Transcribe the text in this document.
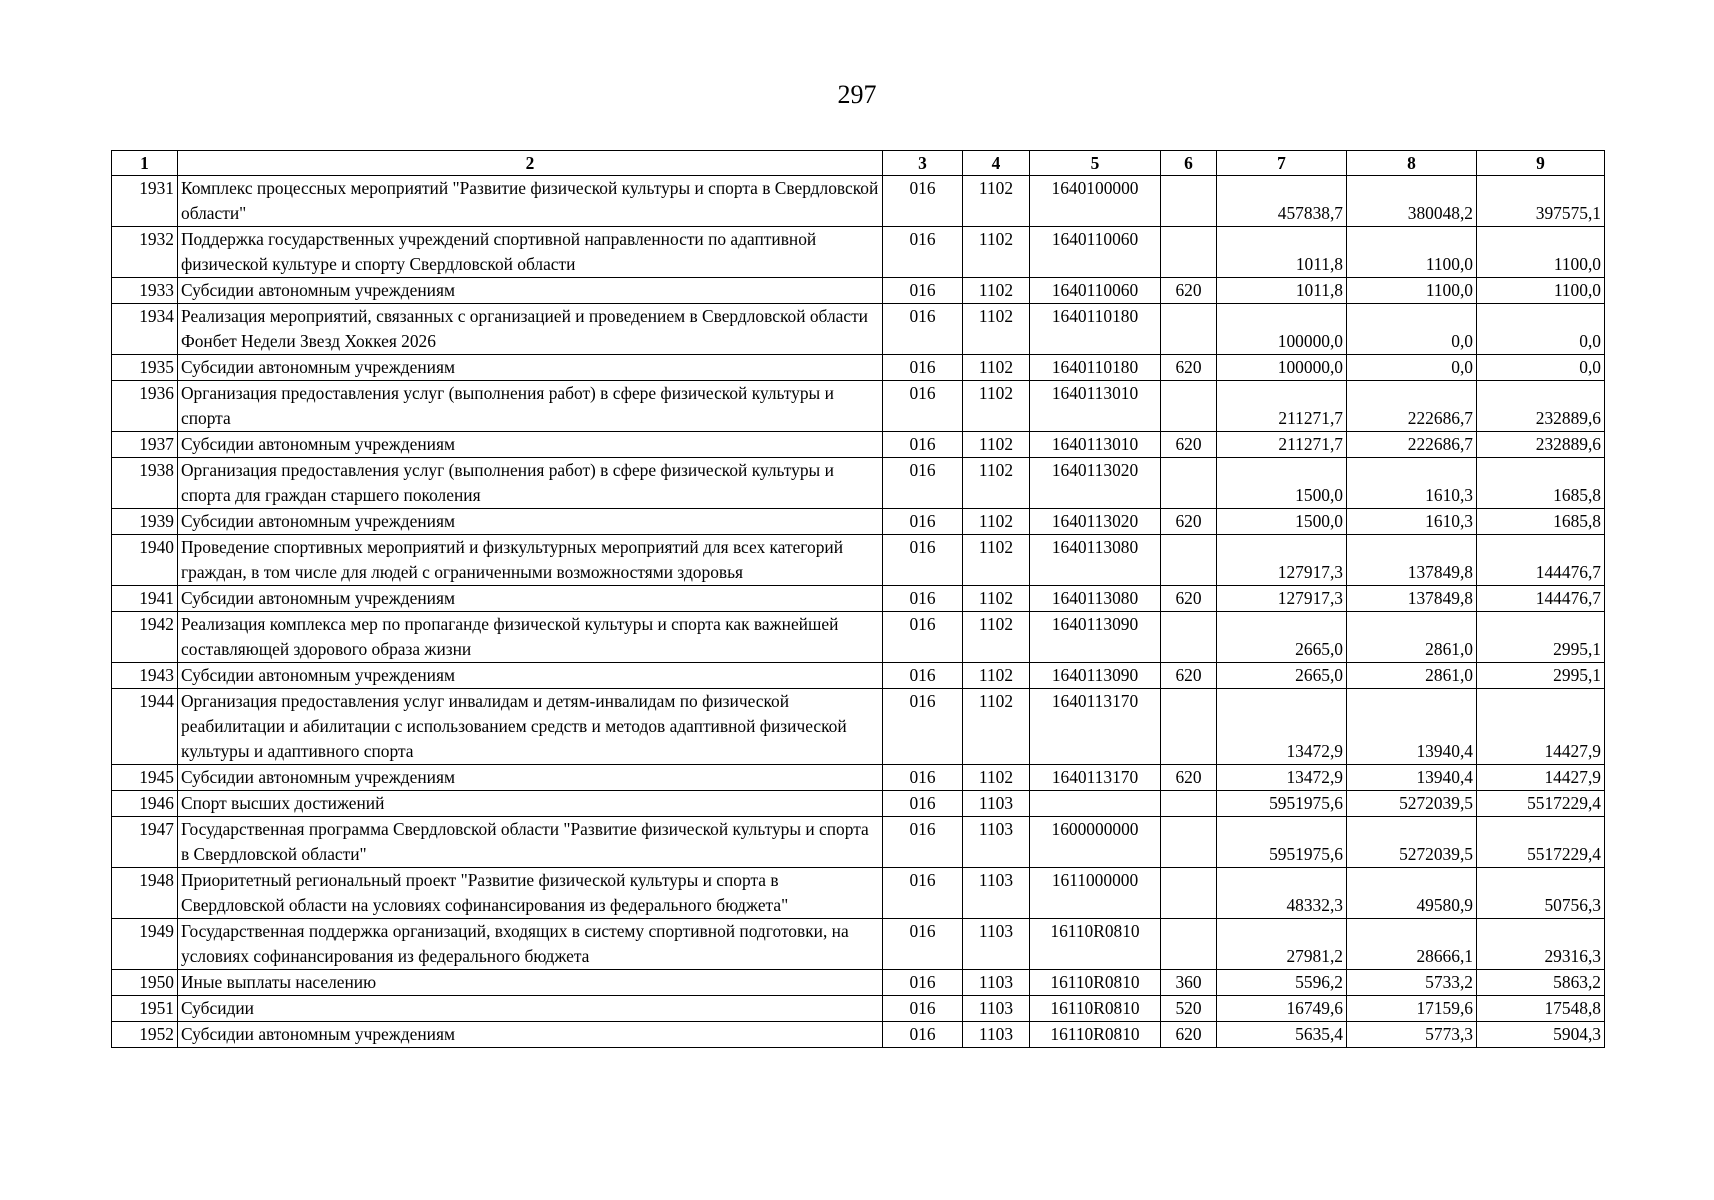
297
1	2	3	4	5	6	7	8	9
1931	Комплекс процессных мероприятий "Развитие физической культуры и спорта в Свердловской области"	016	1102	1640100000		457838,7	380048,2	397575,1
1932	Поддержка государственных учреждений спортивной направленности по адаптивной физической культуре и спорту Свердловской области	016	1102	1640110060		1011,8	1100,0	1100,0
1933	Субсидии автономным учреждениям	016	1102	1640110060	620	1011,8	1100,0	1100,0
1934	Реализация мероприятий, связанных с организацией и проведением в Свердловской области Фонбет Недели Звезд Хоккея 2026	016	1102	1640110180		100000,0	0,0	0,0
1935	Субсидии автономным учреждениям	016	1102	1640110180	620	100000,0	0,0	0,0
1936	Организация предоставления услуг (выполнения работ) в сфере физической культуры и спорта	016	1102	1640113010		211271,7	222686,7	232889,6
1937	Субсидии автономным учреждениям	016	1102	1640113010	620	211271,7	222686,7	232889,6
1938	Организация предоставления услуг (выполнения работ) в сфере физической культуры и спорта для граждан старшего поколения	016	1102	1640113020		1500,0	1610,3	1685,8
1939	Субсидии автономным учреждениям	016	1102	1640113020	620	1500,0	1610,3	1685,8
1940	Проведение спортивных мероприятий и физкультурных мероприятий для всех категорий граждан, в том числе для людей с ограниченными возможностями здоровья	016	1102	1640113080		127917,3	137849,8	144476,7
1941	Субсидии автономным учреждениям	016	1102	1640113080	620	127917,3	137849,8	144476,7
1942	Реализация комплекса мер по пропаганде физической культуры и спорта как важнейшей составляющей здорового образа жизни	016	1102	1640113090		2665,0	2861,0	2995,1
1943	Субсидии автономным учреждениям	016	1102	1640113090	620	2665,0	2861,0	2995,1
1944	Организация предоставления услуг инвалидам и детям-инвалидам по физической реабилитации и абилитации с использованием средств и методов адаптивной физической культуры и адаптивного спорта	016	1102	1640113170		13472,9	13940,4	14427,9
1945	Субсидии автономным учреждениям	016	1102	1640113170	620	13472,9	13940,4	14427,9
1946	Спорт высших достижений	016	1103			5951975,6	5272039,5	5517229,4
1947	Государственная программа Свердловской области "Развитие физической культуры и спорта в Свердловской области"	016	1103	1600000000		5951975,6	5272039,5	5517229,4
1948	Приоритетный региональный проект "Развитие физической культуры и спорта в Свердловской области на условиях софинансирования из федерального бюджета"	016	1103	1611000000		48332,3	49580,9	50756,3
1949	Государственная поддержка организаций, входящих в систему спортивной подготовки, на условиях софинансирования из федерального бюджета	016	1103	16110R0810		27981,2	28666,1	29316,3
1950	Иные выплаты населению	016	1103	16110R0810	360	5596,2	5733,2	5863,2
1951	Субсидии	016	1103	16110R0810	520	16749,6	17159,6	17548,8
1952	Субсидии автономным учреждениям	016	1103	16110R0810	620	5635,4	5773,3	5904,3
